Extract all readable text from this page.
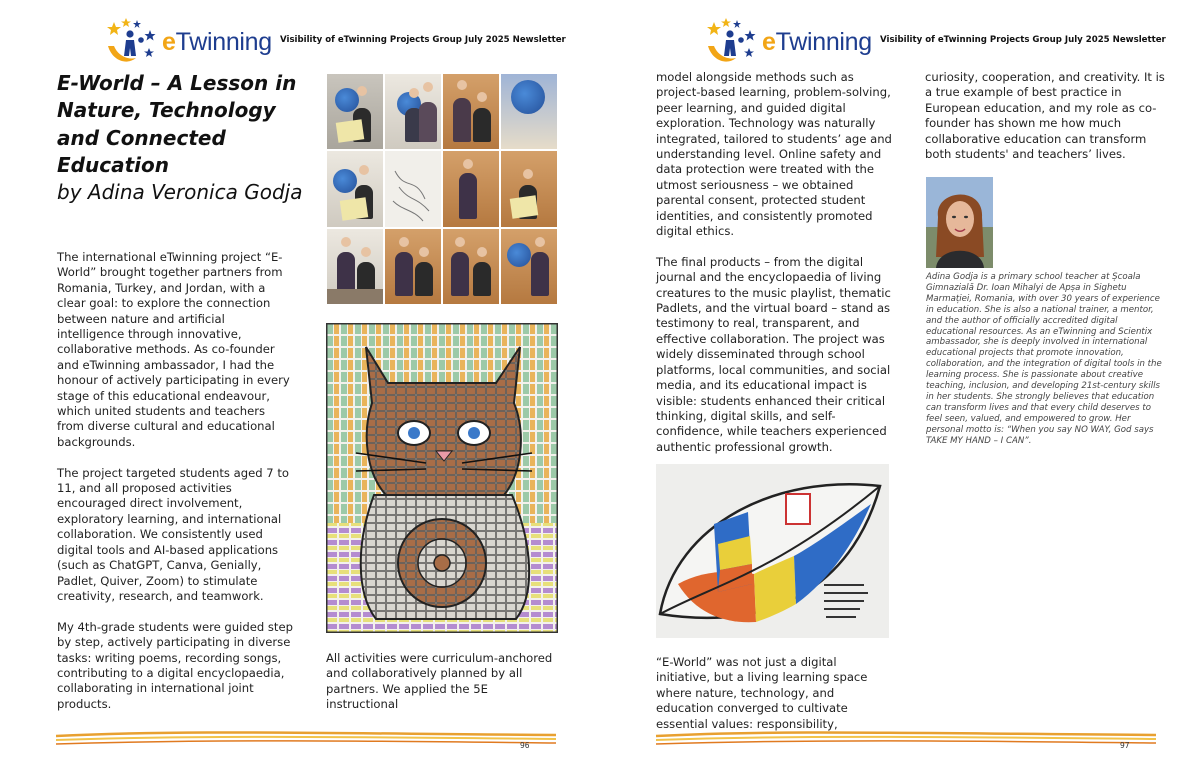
eTwinning Visibility of eTwinning Projects Group July 2025 Newsletter
E-World – A Lesson in Nature, Technology and Connected Education
by Adina Veronica Godja

The international eTwinning project “E-World” brought together partners from Romania, Turkey, and Jordan, with a clear goal: to explore the connection between nature and artificial intelligence through innovative, collaborative methods. As co-founder and eTwinning ambassador, I had the honour of actively participating in every stage of this educational endeavour, which united students and teachers from diverse cultural and educational backgrounds.

The project targeted students aged 7 to 11, and all proposed activities encouraged direct involvement, exploratory learning, and international collaboration. We consistently used digital tools and AI-based applications (such as ChatGPT, Canva, Genially, Padlet, Quiver, Zoom) to stimulate creativity, research, and teamwork.

My 4th-grade students were guided step by step, actively participating in diverse tasks: writing poems, recording songs, contributing to a digital encyclopaedia, collaborating in international joint products.

All activities were curriculum-anchored and collaboratively planned by all partners. We applied the 5E instructional

96
eTwinning Visibility of eTwinning Projects Group July 2025 Newsletter

model alongside methods such as project-based learning, problem-solving, peer learning, and guided digital exploration. Technology was naturally integrated, tailored to students’ age and understanding level. Online safety and data protection were treated with the utmost seriousness – we obtained parental consent, protected student identities, and consistently promoted digital ethics.

The final products – from the digital journal and the encyclopaedia of living creatures to the music playlist, thematic Padlets, and the virtual board – stand as testimony to real, transparent, and effective collaboration. The project was widely disseminated through school platforms, local communities, and social media, and its educational impact is visible: students enhanced their critical thinking, digital skills, and self-confidence, while teachers experienced authentic professional growth.

“E-World” was not just a digital initiative, but a living learning space where nature, technology, and education converged to cultivate essential values: responsibility,

curiosity, cooperation, and creativity. It is a true example of best practice in European education, and my role as co-founder has shown me how much collaborative education can transform both students' and teachers’ lives.

Adina Godja is a primary school teacher at Școala Gimnazială Dr. Ioan Mihalyi de Apșa in Sighetu Marmației, Romania, with over 30 years of experience in education. She is also a national trainer, a mentor, and the author of officially accredited digital educational resources. As an eTwinning and Scientix ambassador, she is deeply involved in international educational projects that promote innovation, collaboration, and the integration of digital tools in the learning process. She is passionate about creative teaching, inclusion, and developing 21st-century skills in her students. She strongly believes that education can transform lives and that every child deserves to feel seen, valued, and empowered to grow. Her personal motto is: “When you say NO WAY, God says TAKE MY HAND – I CAN”.
97
